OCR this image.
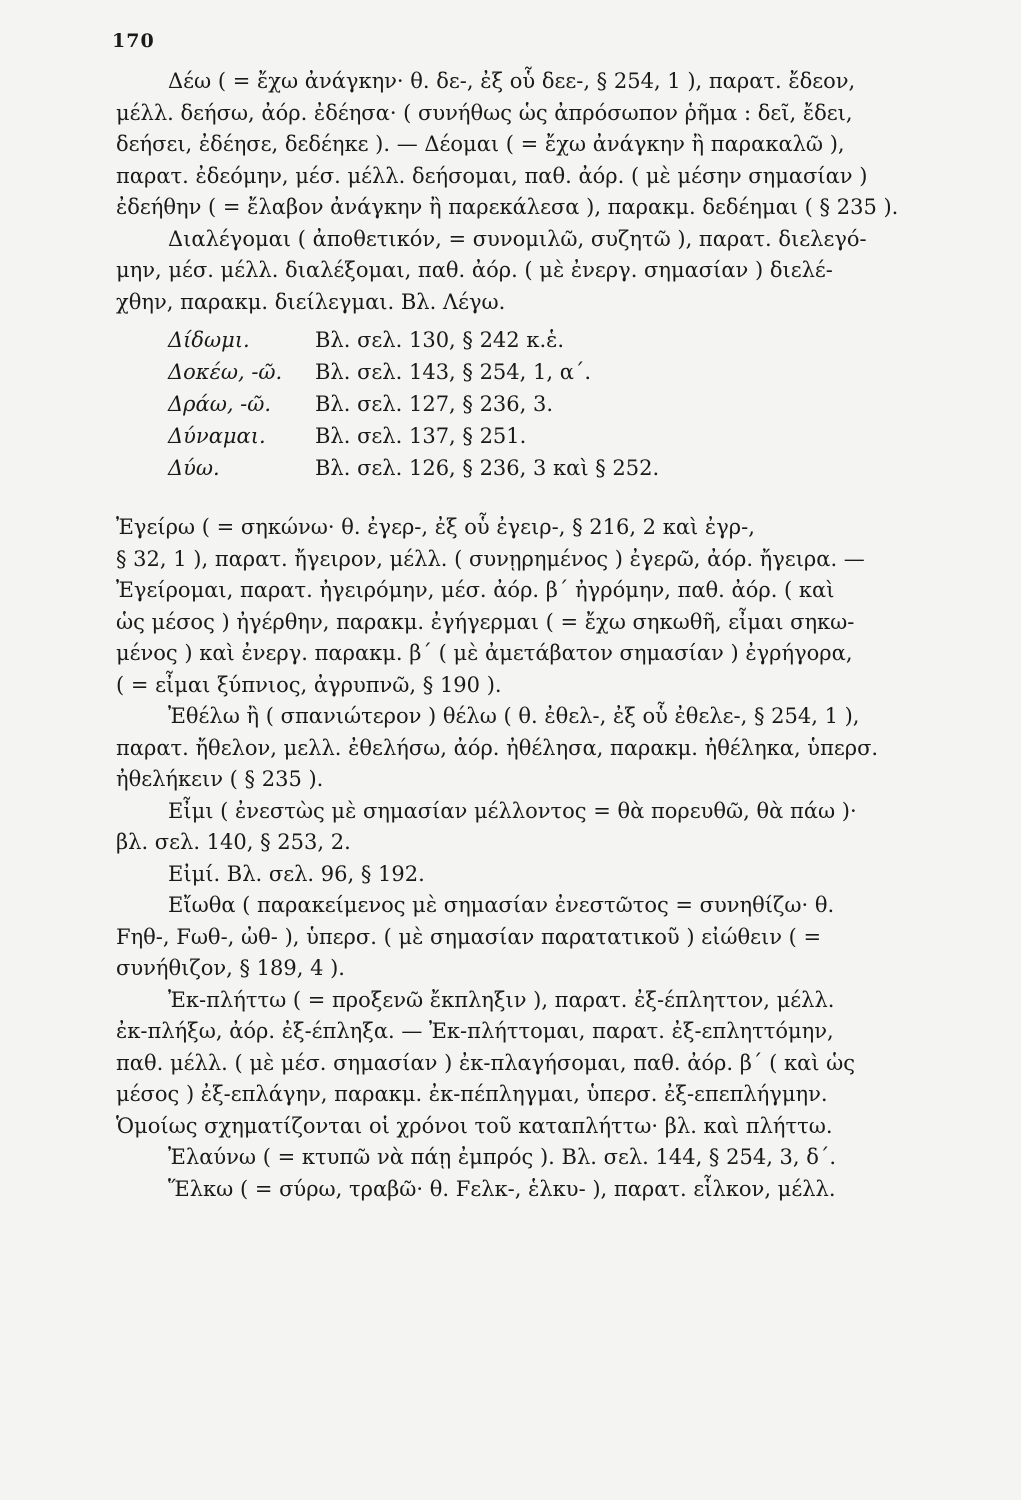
170
Δέω ( = ἔχω ἀνάγκην· θ. δε-, ἐξ οὗ δεε-, § 254, 1 ), παρατ. ἔδεον,
μέλλ. δεήσω, ἀόρ. ἐδέησα· ( συνήθως ὡς ἀπρόσωπον ῥῆμα : δεῖ, ἔδει,
δεήσει, ἐδέησε, δεδέηκε ). — Δέομαι ( = ἔχω ἀνάγκην ἢ παρακαλῶ ),
παρατ. ἐδεόμην, μέσ. μέλλ. δεήσομαι, παθ. ἀόρ. ( μὲ μέσην σημασίαν )
ἐδεήθην ( = ἔλαβον ἀνάγκην ἢ παρεκάλεσα ), παρακμ. δεδέημαι ( § 235 ).
Διαλέγομαι ( ἀποθετικόν, = συνομιλῶ, συζητῶ ), παρατ. διελεγό-
μην, μέσ. μέλλ. διαλέξομαι, παθ. ἀόρ. ( μὲ ἐνεργ. σημασίαν ) διελέ-
χθην, παρακμ. διείλεγμαι. Βλ. Λέγω.
Δίδωμι.	Βλ. σελ. 130, § 242 κ.ἑ.
Δοκέω, -ῶ.	Βλ. σελ. 143, § 254, 1, α΄.
Δράω, -ῶ.	Βλ. σελ. 127, § 236, 3.
Δύναμαι.	Βλ. σελ. 137, § 251.
Δύω.	Βλ. σελ. 126, § 236, 3 καὶ § 252.
Ἐγείρω ( = σηκώνω· θ. ἐγερ-, ἐξ οὗ ἐγειρ-, § 216, 2 καὶ ἐγρ-,
§ 32, 1 ), παρατ. ἤγειρον, μέλλ. ( συνῃρημένος ) ἐγερῶ, ἀόρ. ἤγειρα. —
Ἐγείρομαι, παρατ. ἠγειρόμην, μέσ. ἀόρ. β΄ ἠγρόμην, παθ. ἀόρ. ( καὶ
ὡς μέσος ) ἠγέρθην, παρακμ. ἐγήγερμαι ( = ἔχω σηκωθῆ, εἶμαι σηκω-
μένος ) καὶ ἐνεργ. παρακμ. β΄ ( μὲ ἀμετάβατον σημασίαν ) ἐγρήγορα,
( = εἶμαι ξύπνιος, ἀγρυπνῶ, § 190 ).
Ἐθέλω ἢ ( σπανιώτερον ) θέλω ( θ. ἐθελ-, ἐξ οὗ ἐθελε-, § 254, 1 ),
παρατ. ἤθελον, μελλ. ἐθελήσω, ἀόρ. ἠθέλησα, παρακμ. ἠθέληκα, ὑπερσ.
ἠθελήκειν ( § 235 ).
Εἶμι ( ἐνεστὼς μὲ σημασίαν μέλλοντος = θὰ πορευθῶ, θὰ πάω )·
βλ. σελ. 140, § 253, 2.
Εἰμί. Βλ. σελ. 96, § 192.
Εἴωθα ( παρακείμενος μὲ σημασίαν ἐνεστῶτος = συνηθίζω· θ.
Fηθ-, Fωθ-, ὠθ- ), ὑπερσ. ( μὲ σημασίαν παρατατικοῦ ) εἰώθειν ( =
συνήθιζον, § 189, 4 ).
Ἐκ-πλήττω ( = προξενῶ ἔκπληξιν ), παρατ. ἐξ-έπληττον, μέλλ.
ἐκ-πλήξω, ἀόρ. ἐξ-έπληξα. — Ἐκ-πλήττομαι, παρατ. ἐξ-επληττόμην,
παθ. μέλλ. ( μὲ μέσ. σημασίαν ) ἐκ-πλαγήσομαι, παθ. ἀόρ. β΄ ( καὶ ὡς
μέσος ) ἐξ-επλάγην, παρακμ. ἐκ-πέπληγμαι, ὑπερσ. ἐξ-επεπλήγμην.
Ὁμοίως σχηματίζονται οἱ χρόνοι τοῦ καταπλήττω· βλ. καὶ πλήττω.
Ἐλαύνω ( = κτυπῶ νὰ πάῃ ἐμπρός ). Βλ. σελ. 144, § 254, 3, δ΄.
Ἕλκω ( = σύρω, τραβῶ· θ. Fελκ-, ἑλκυ- ), παρατ. εἷλκον, μέλλ.
